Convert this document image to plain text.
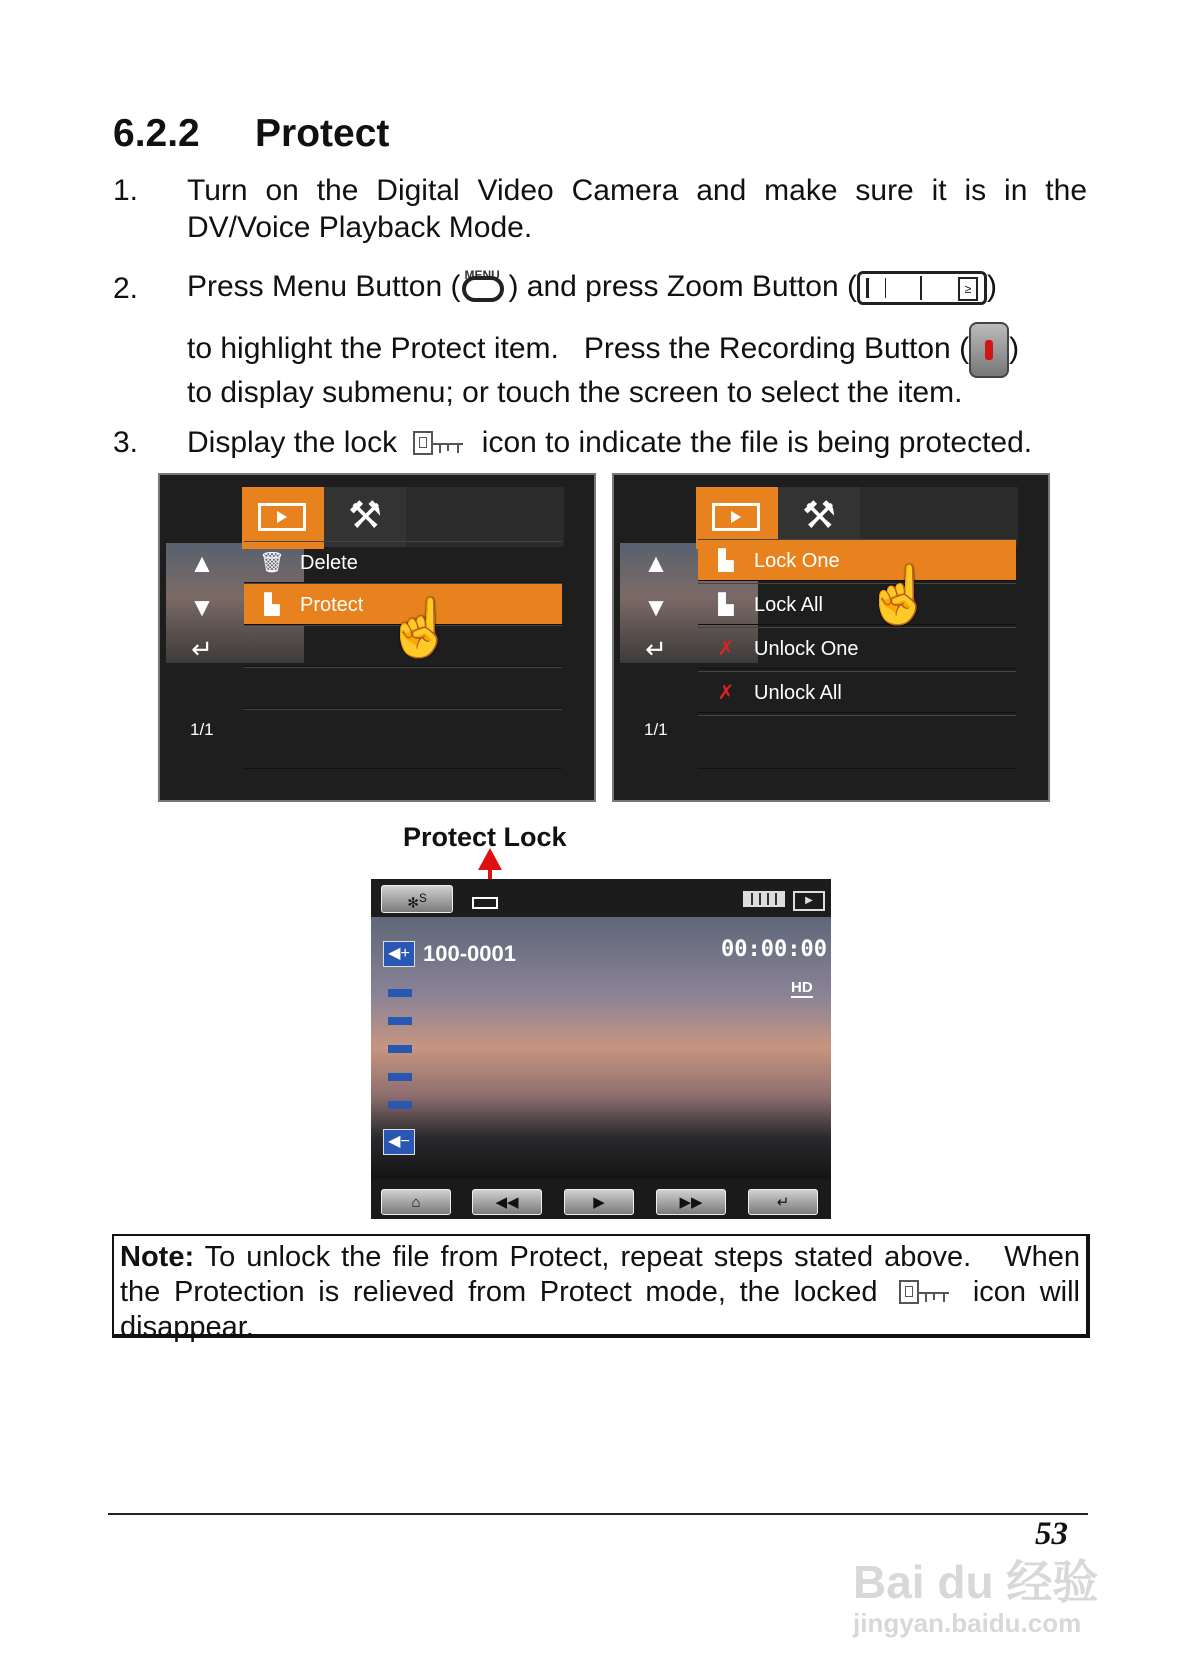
6.2.2 Protect
1. Turn on the Digital Video Camera and make sure it is in the DV/Voice Playback Mode.
2. Press Menu Button ( MENU ) and press Zoom Button (	≥ )
to highlight the Protect item.   Press the Recording Button ( )
to display submenu; or touch the screen to select the item.
3. Display the lock	icon to indicate the file is being protected.
⚒
▲
▼
↵
🗑 Delete
▙ Protect
1/1
☝
⚒
▲
▼
↵
▙ Lock One
▙ Lock All
✗ Unlock One
✗ Unlock All
1/1
☝
Protect Lock
✻$^S$	▶
◀+ 100-0001	00:00:00
HD
◀−
⌂	◀◀	▶	▶▶	↵
Note: To unlock the file from Protect, repeat steps stated above.   When the Protection is relieved from Protect mode, the locked	icon will disappear.
53
Bai du 经验
jingyan.baidu.com
